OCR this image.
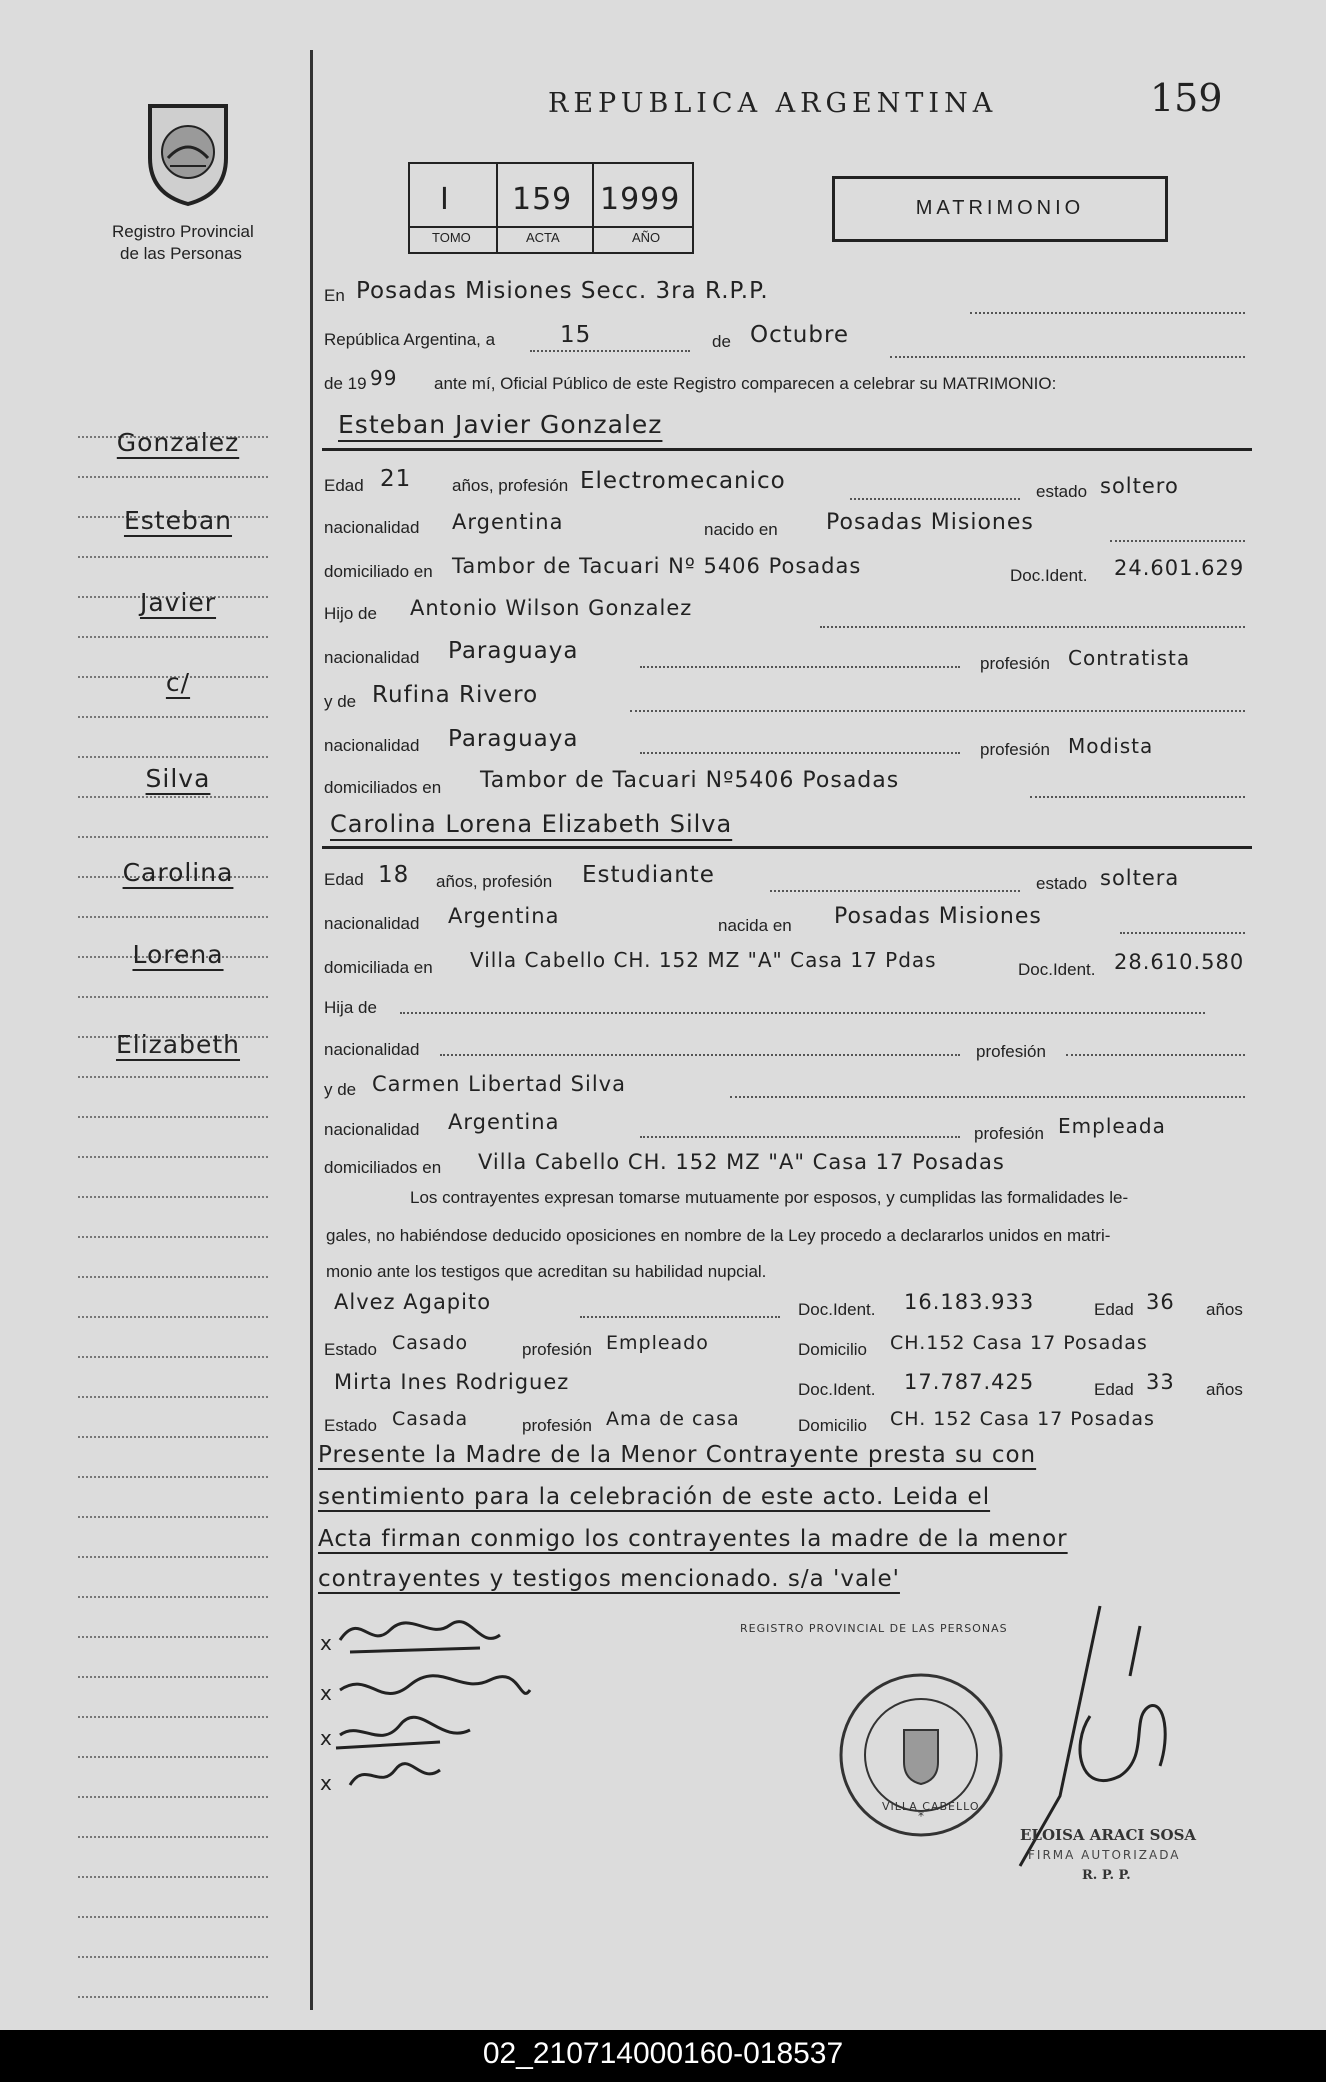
Registro Provincial
de las Personas
REPUBLICA ARGENTINA	159
I 159 1999
TOMO	ACTA	AÑO
MATRIMONIO
Gonzalez
Esteban
Javier
c/
Silva
Carolina
Lorena
Elizabeth
En Posadas Misiones Secc. 3ra R.P.P.
República Argentina, a	15	de Octubre
de 19 99 ante mí, Oficial Público de este Registro comparecen a celebrar su MATRIMONIO:
Esteban Javier Gonzalez
Edad 21 años, profesión Electromecanico	estado soltero
nacionalidad Argentina	nacido en Posadas Misiones
domiciliado en Tambor de Tacuari Nº 5406 Posadas	Doc.Ident. 24.601.629
Hijo de Antonio Wilson Gonzalez
nacionalidad Paraguaya	profesión Contratista
y de Rufina Rivero
nacionalidad Paraguaya	profesión Modista
domiciliados en Tambor de Tacuari Nº5406 Posadas
Carolina Lorena Elizabeth Silva
Edad 18 años, profesión Estudiante	estado soltera
nacionalidad Argentina	nacida en Posadas Misiones
domiciliada en Villa Cabello CH. 152 MZ "A" Casa 17 Pdas	Doc.Ident. 28.610.580
Hija de
nacionalidad	profesión
y de Carmen Libertad Silva
nacionalidad Argentina	profesión Empleada
domiciliados en Villa Cabello CH. 152 MZ "A" Casa 17 Posadas
Los contrayentes expresan tomarse mutuamente por esposos, y cumplidas las formalidades le-
gales, no habiéndose deducido oposiciones en nombre de la Ley procedo a declararlos unidos en matri-
monio ante los testigos que acreditan su habilidad nupcial.
Alvez Agapito	Doc.Ident. 16.183.933	Edad 36 años
Estado Casado	profesión Empleado	Domicilio CH.152 Casa 17 Posadas
Mirta Ines Rodriguez	Doc.Ident. 17.787.425	Edad 33 años
Estado Casada	profesión Ama de casa	Domicilio CH. 152 Casa 17 Posadas
Presente la Madre de la Menor Contrayente presta su con
sentimiento para la celebración de este acto. Leida el
Acta firman conmigo los contrayentes la madre de la menor
contrayentes y testigos mencionado. s/a 'vale'
x
x
x
x
*
REGISTRO PROVINCIAL DE LAS PERSONAS
VILLA CABELLO
ELOISA ARACI SOSA
FIRMA AUTORIZADA
R. P. P.
02_210714000160-018537
